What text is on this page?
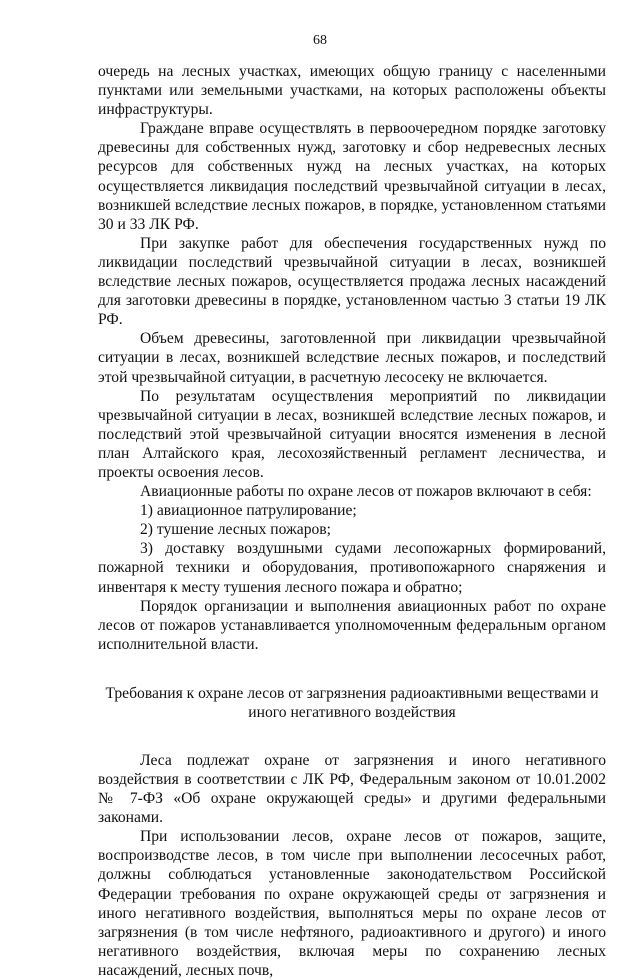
68

очередь на лесных участках, имеющих общую границу с населенными пунктами или земельными участками, на которых расположены объекты инфраструктуры.

Граждане вправе осуществлять в первоочередном порядке заготовку древесины для собственных нужд, заготовку и сбор недревесных лесных ресурсов для собственных нужд на лесных участках, на которых осуществляется ликвидация последствий чрезвычайной ситуации в лесах, возникшей вследствие лесных пожаров, в порядке, установленном статьями 30 и 33 ЛК РФ.

При закупке работ для обеспечения государственных нужд по ликвидации последствий чрезвычайной ситуации в лесах, возникшей вследствие лесных пожаров, осуществляется продажа лесных насаждений для заготовки древесины в порядке, установленном частью 3 статьи 19 ЛК РФ.

Объем древесины, заготовленной при ликвидации чрезвычайной ситуации в лесах, возникшей вследствие лесных пожаров, и последствий этой чрезвычайной ситуации, в расчетную лесосеку не включается.

По результатам осуществления мероприятий по ликвидации чрезвычайной ситуации в лесах, возникшей вследствие лесных пожаров, и последствий этой чрезвычайной ситуации вносятся изменения в лесной план Алтайского края, лесохозяйственный регламент лесничества, и проекты освоения лесов.

Авиационные работы по охране лесов от пожаров включают в себя:

1) авиационное патрулирование;

2) тушение лесных пожаров;

3) доставку воздушными судами лесопожарных формирований, пожарной техники и оборудования, противопожарного снаряжения и инвентаря к месту тушения лесного пожара и обратно;

Порядок организации и выполнения авиационных работ по охране лесов от пожаров устанавливается уполномоченным федеральным органом исполнительной власти.

Требования к охране лесов от загрязнения радиоактивными веществами и
иного негативного воздействия

Леса подлежат охране от загрязнения и иного негативного воздействия в соответствии с ЛК РФ, Федеральным законом от 10.01.2002 № 7-ФЗ «Об охране окружающей среды» и другими федеральными законами.

При использовании лесов, охране лесов от пожаров, защите, воспроизводстве лесов, в том числе при выполнении лесосечных работ, должны соблюдаться установленные законодательством Российской Федерации требования по охране окружающей среды от загрязнения и иного негативного воздействия, выполняться меры по охране лесов от загрязнения (в том числе нефтяного, радиоактивного и другого) и иного негативного воздействия, включая меры по сохранению лесных насаждений, лесных почв,
